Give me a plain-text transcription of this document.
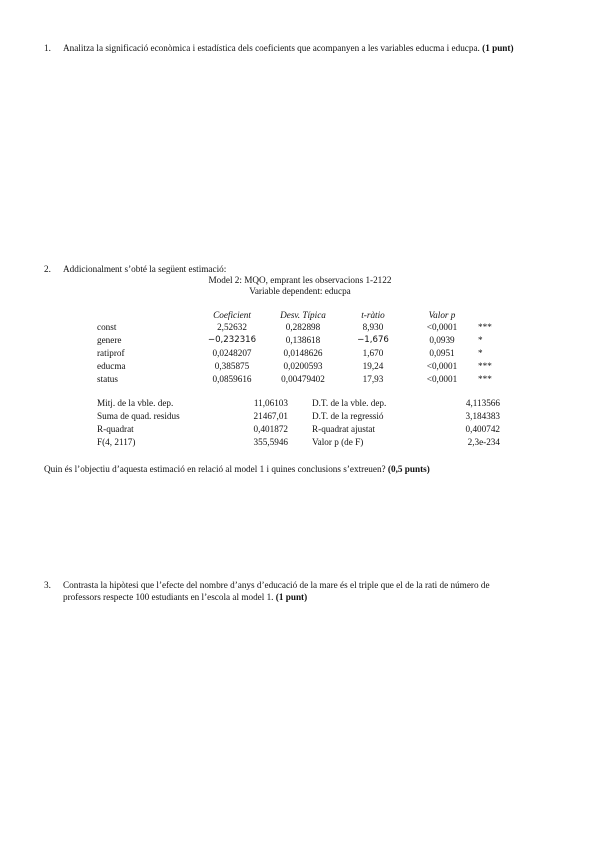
1. Analitza la significació econòmica i estadística dels coeficients que acompanyen a les variables educma i educpa. (1 punt)
2. Addicionalment s’obté la següent estimació:
Model 2: MQO, emprant les observacions 1-2122
Variable dependent: educpa
Coeficient	Desv. Típica	t-ràtio	Valor p
const	2,52632	0,282898	8,930	<0,0001	***
genere	−0,232316	0,138618	−1,676	0,0939	*
ratiprof	0,0248207	0,0148626	1,670	0,0951	*
educma	0,385875	0,0200593	19,24	<0,0001	***
status	0,0859616	0,00479402	17,93	<0,0001	***
Mitj. de la vble. dep.	11,06103	D.T. de la vble. dep.	4,113566
Suma de quad. residus	21467,01	D.T. de la regressió	3,184383
R-quadrat	0,401872	R-quadrat ajustat	0,400742
F(4, 2117)	355,5946	Valor p (de F)	2,3e-234
Quin és l’objectiu d’aquesta estimació en relació al model 1 i quines conclusions s’extreuen? (0,5 punts)
3. Contrasta la hipòtesi que l’efecte del nombre d’anys d’educació de la mare és el triple que el de la rati de número de
professors respecte 100 estudiants en l’escola al model 1. (1 punt)
